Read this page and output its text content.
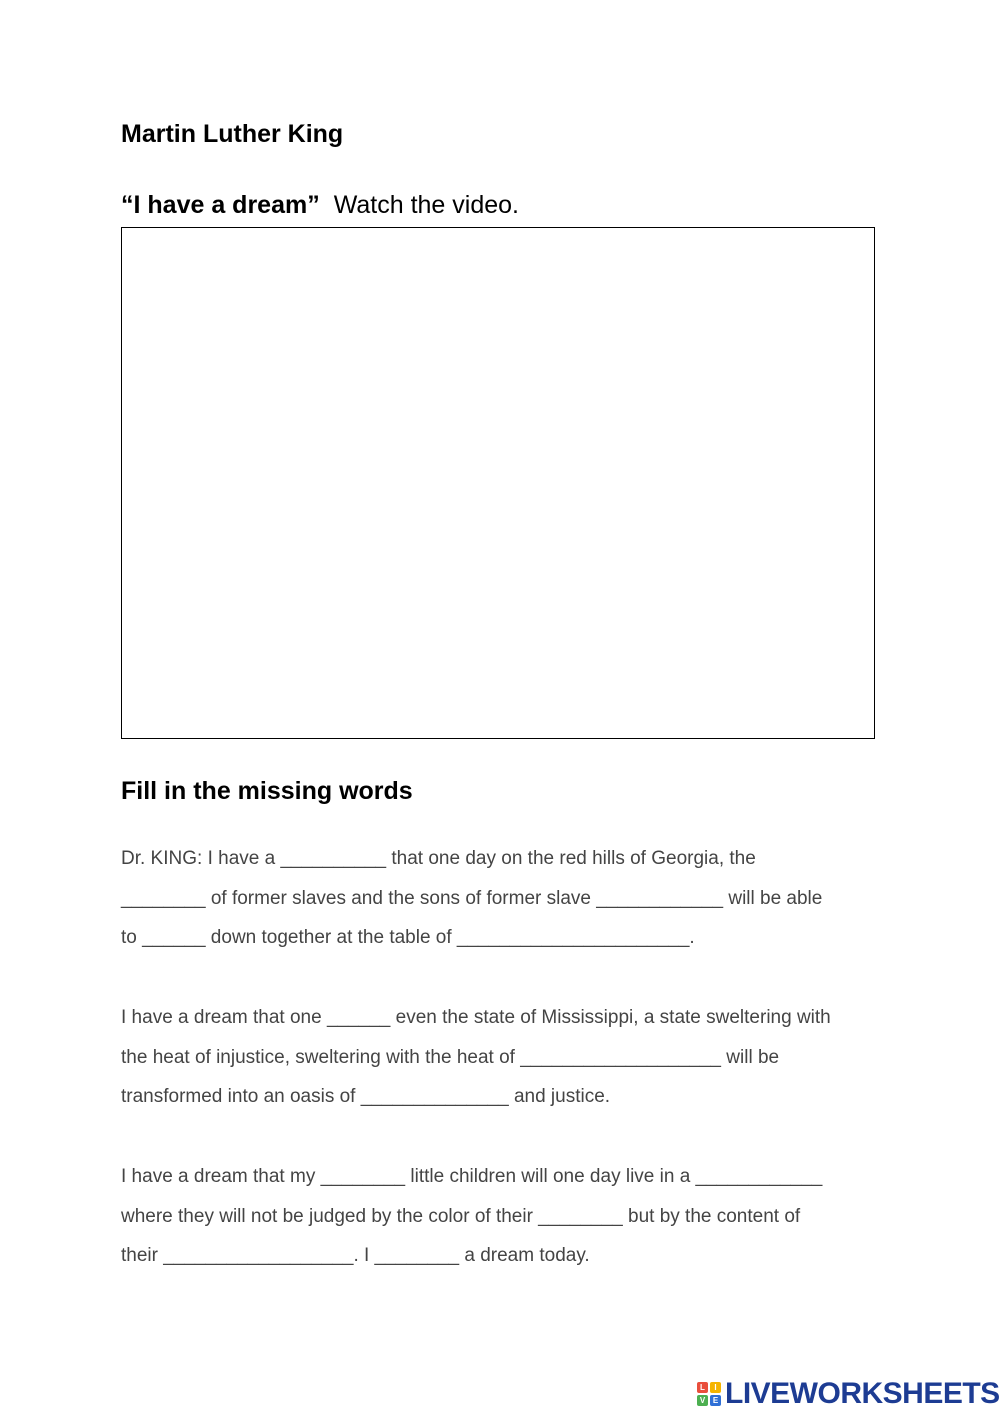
Martin Luther King

“I have a dream” Watch the video.

Fill in the missing words
Dr. KING: I have a __________ that one day on the red hills of Georgia, the
________ of former slaves and the sons of former slave ____________ will be able
to ______ down together at the table of ______________________.
I have a dream that one ______ even the state of Mississippi, a state sweltering with
the heat of injustice, sweltering with the heat of ___________________ will be
transformed into an oasis of ______________ and justice.
I have a dream that my ________ little children will one day live in a ____________
where they will not be judged by the color of their ________ but by the content of
their __________________. I ________ a dream today.
L	I
V E LIVEWORKSHEETS
